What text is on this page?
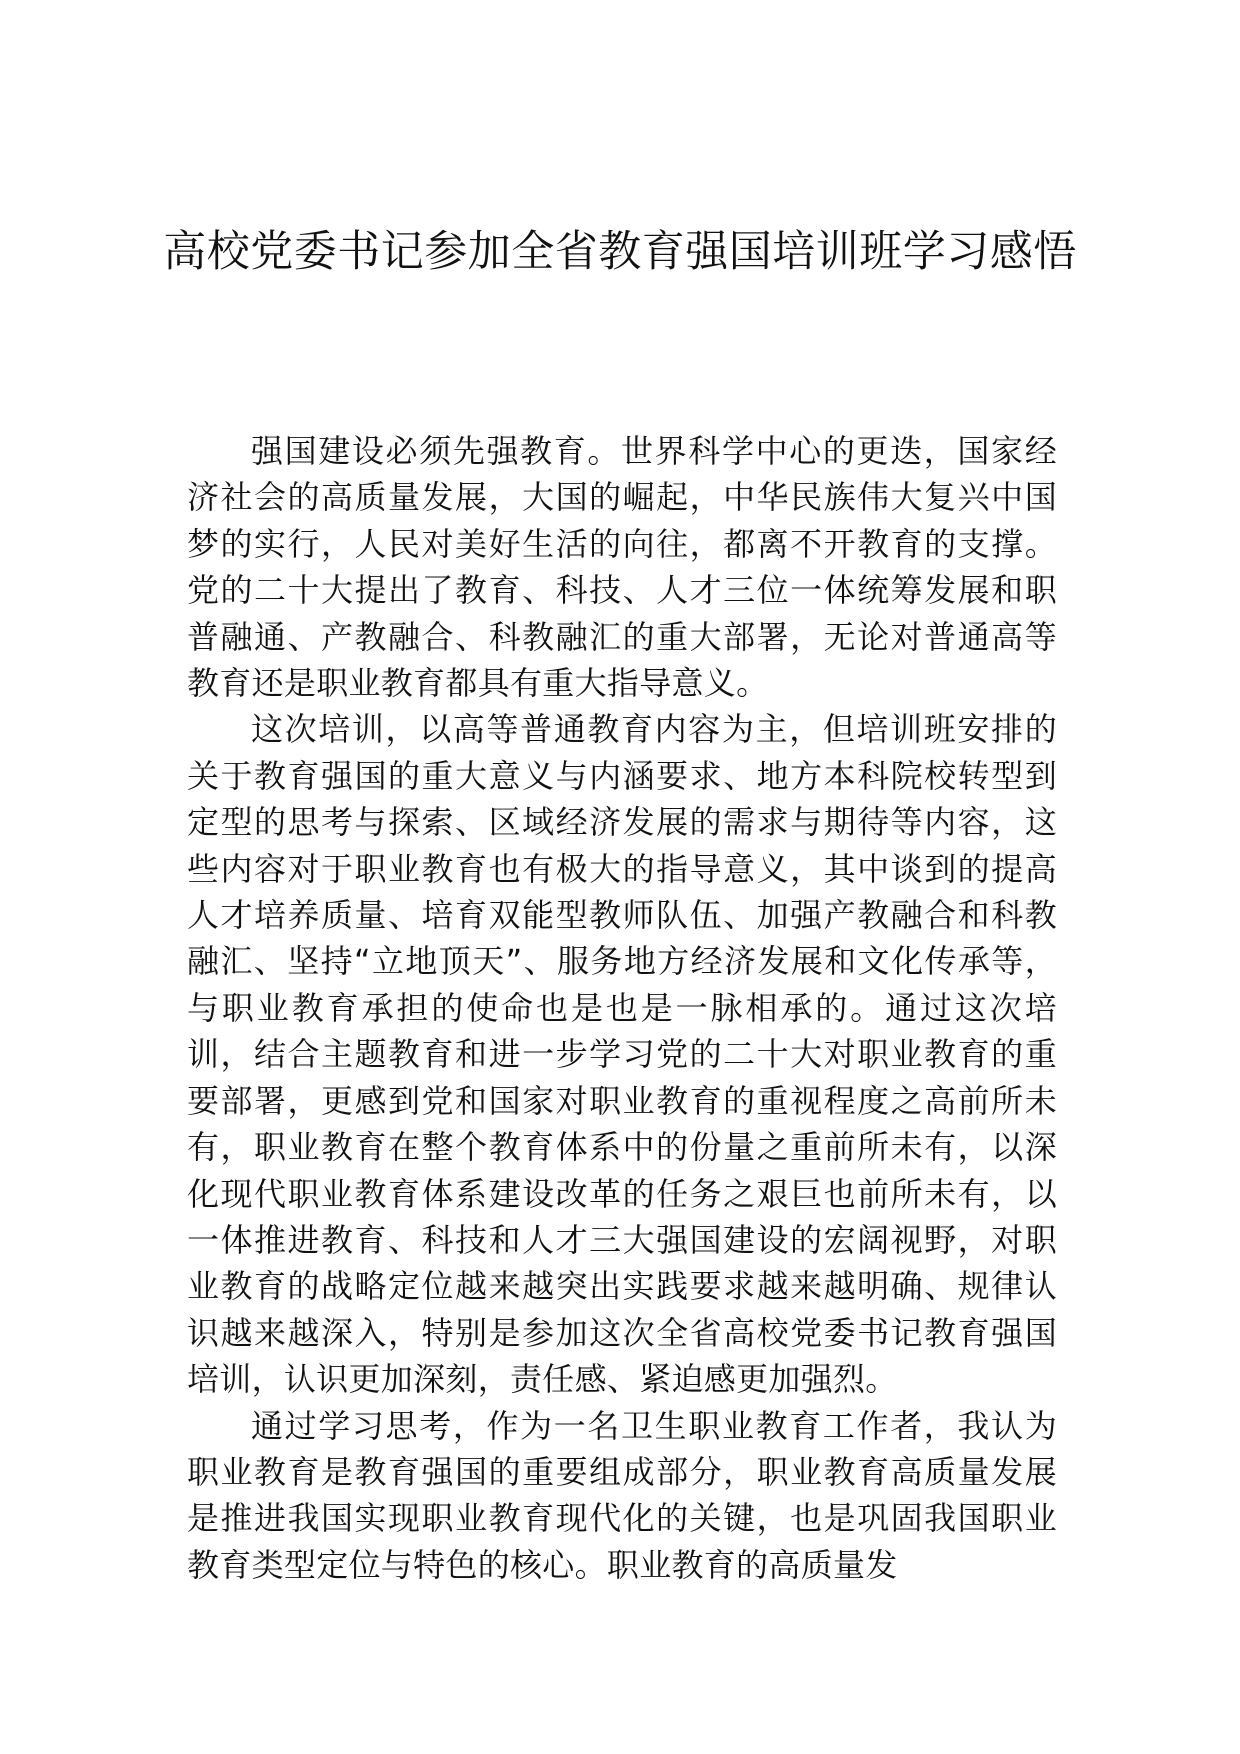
高校党委书记参加全省教育强国培训班学习感悟

强国建设必须先强教育。世界科学中心的更迭，国家经济社会的高质量发展，大国的崛起，中华民族伟大复兴中国梦的实行，人民对美好生活的向往，都离不开教育的支撑。党的二十大提出了教育、科技、人才三位一体统筹发展和职普融通、产教融合、科教融汇的重大部署，无论对普通高等教育还是职业教育都具有重大指导意义。

这次培训，以高等普通教育内容为主，但培训班安排的关于教育强国的重大意义与内涵要求、地方本科院校转型到定型的思考与探索、区域经济发展的需求与期待等内容，这些内容对于职业教育也有极大的指导意义，其中谈到的提高人才培养质量、培育双能型教师队伍、加强产教融合和科教融汇、坚持“立地顶天”、服务地方经济发展和文化传承等，与职业教育承担的使命也是也是一脉相承的。通过这次培训，结合主题教育和进一步学习党的二十大对职业教育的重要部署，更感到党和国家对职业教育的重视程度之高前所未有，职业教育在整个教育体系中的份量之重前所未有，以深化现代职业教育体系建设改革的任务之艰巨也前所未有，以一体推进教育、科技和人才三大强国建设的宏阔视野，对职业教育的战略定位越来越突出实践要求越来越明确、规律认识越来越深入，特别是参加这次全省高校党委书记教育强国培训，认识更加深刻，责任感、紧迫感更加强烈。

通过学习思考，作为一名卫生职业教育工作者，我认为职业教育是教育强国的重要组成部分，职业教育高质量发展是推进我国实现职业教育现代化的关键，也是巩固我国职业教育类型定位与特色的核心。职业教育的高质量发
